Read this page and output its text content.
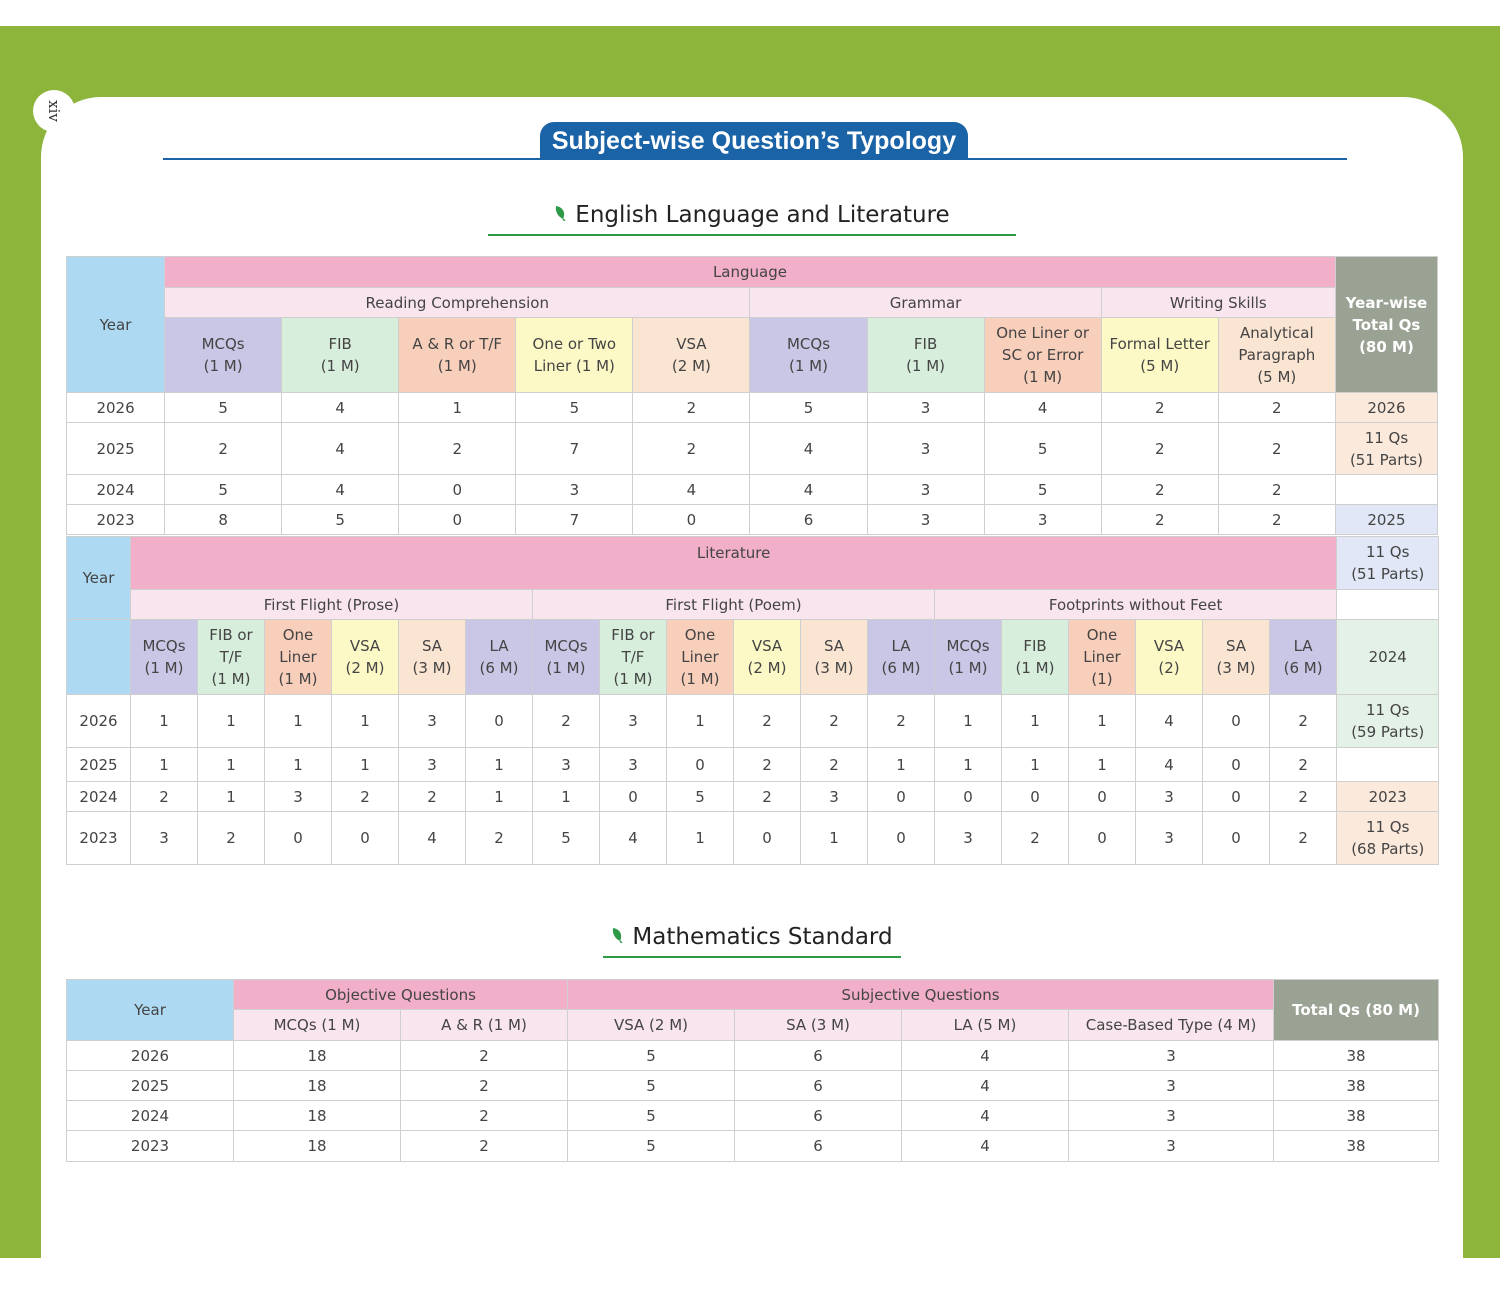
xiv
Subject-wise Question’s Typology
English Language and Literature
Year	Language										Year-wise
Total Qs
(80 M)
	Reading Comprehension					Grammar			Writing Skills		
	MCQs
(1 M)	FIB
(1 M)	A & R or T/F
(1 M)	One or Two
Liner (1 M)	VSA
(2 M)	MCQs
(1 M)	FIB
(1 M)	One Liner or
SC or Error
(1 M)	Formal Letter
(5 M)	Analytical
Paragraph
(5 M)	
2026	5	4	1	5	2	5	3	4	2	2	2026
2025	2	4	2	7	2	4	3	5	2	2	11 Qs
(51 Parts)
2024	5	4	0	3	4	4	3	5	2	2	
2023	8	5	0	7	0	6	3	3	2	2	2025
Year	Literature																		11 Qs
(51 Parts)

	First Flight (Prose)						First Flight (Poem)						Footprints without Feet						
	MCQs
(1 M)	FIB or
T/F
(1 M)	One
Liner
(1 M)	VSA
(2 M)	SA
(3 M)	LA
(6 M)	MCQs
(1 M)	FIB or
T/F
(1 M)	One
Liner
(1 M)	VSA
(2 M)	SA
(3 M)	LA
(6 M)	MCQs
(1 M)	FIB
(1 M)	One
Liner
(1)	VSA
(2)	SA
(3 M)	LA
(6 M)	2024
2026	1	1	1	1	3	0	2	3	1	2	2	2	1	1	1	4	0	2	11 Qs
(59 Parts)
2025	1	1	1	1	3	1	3	3	0	2	2	1	1	1	1	4	0	2	
2024	2	1	3	2	2	1	1	0	5	2	3	0	0	0	0	3	0	2	2023
2023	3	2	0	0	4	2	5	4	1	0	1	0	3	2	0	3	0	2	11 Qs
(68 Parts)
Mathematics Standard
Year	Objective Questions		Subjective Questions				Total Qs (80 M)
	MCQs (1 M)	A & R (1 M)	VSA (2 M)	SA (3 M)	LA (5 M)	Case-Based Type (4 M)	
2026	18	2	5	6	4	3	38
2025	18	2	5	6	4	3	38
2024	18	2	5	6	4	3	38
2023	18	2	5	6	4	3	38
